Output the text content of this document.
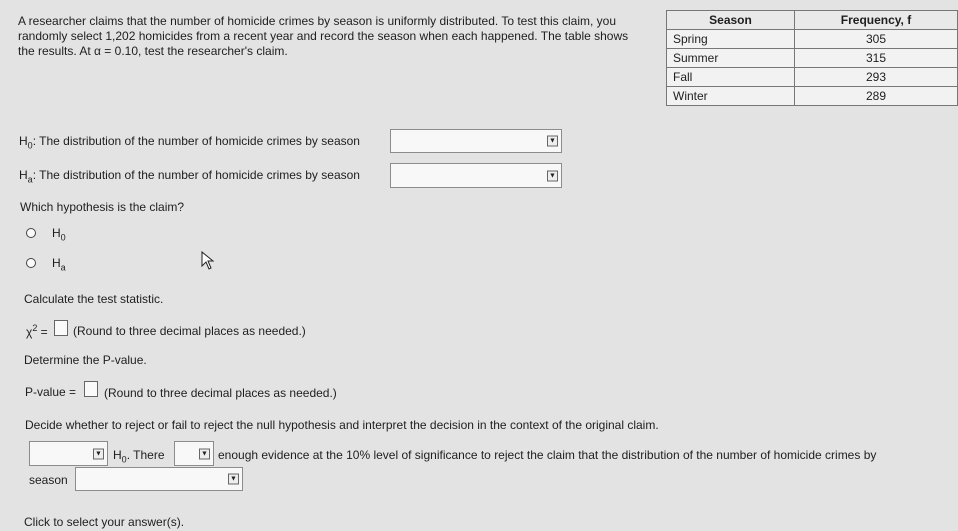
A researcher claims that the number of homicide crimes by season is uniformly distributed. To test this claim, you randomly select 1,202 homicides from a recent year and record the season when each happened. The table shows the results. At α = 0.10, test the researcher's claim.
Season	Frequency, f
Spring	305
Summer	315
Fall	293
Winter	289
$H_0$: The distribution of the number of homicide crimes by season	▼
$H_a$: The distribution of the number of homicide crimes by season	▼
Which hypothesis is the claim?
$H_0$
$H_a$
Calculate the test statistic.
$\chi^2$ = (Round to three decimal places as needed.)
Determine the P-value.
P-value = (Round to three decimal places as needed.)
Decide whether to reject or fail to reject the null hypothesis and interpret the decision in the context of the original claim.
▼ $H_0$. There	▼ enough evidence at the 10% level of significance to reject the claim that the distribution of the number of homicide crimes by
season	▼
Click to select your answer(s).
